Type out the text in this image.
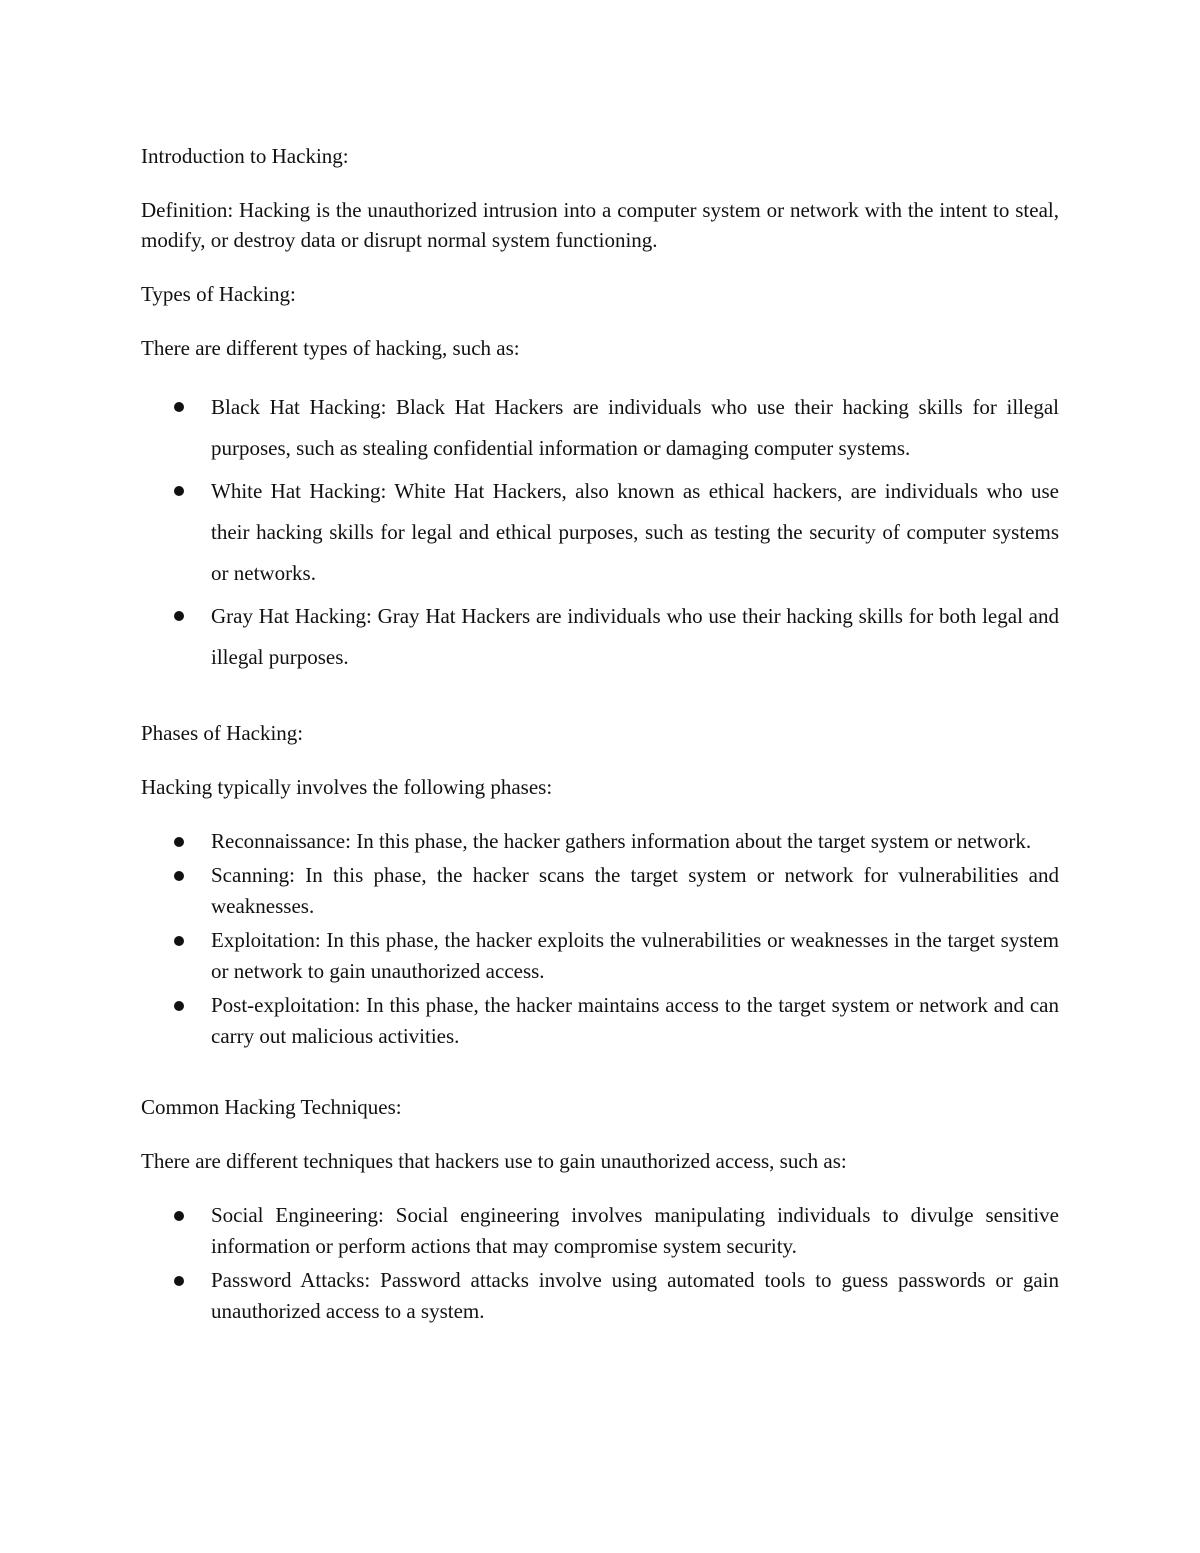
Introduction to Hacking:

Definition: Hacking is the unauthorized intrusion into a computer system or network with the intent to steal, modify, or destroy data or disrupt normal system functioning.

Types of Hacking:

There are different types of hacking, such as:

Black Hat Hacking: Black Hat Hackers are individuals who use their hacking skills for illegal purposes, such as stealing confidential information or damaging computer systems.
White Hat Hacking: White Hat Hackers, also known as ethical hackers, are individuals who use their hacking skills for legal and ethical purposes, such as testing the security of computer systems or networks.
Gray Hat Hacking: Gray Hat Hackers are individuals who use their hacking skills for both legal and illegal purposes.

Phases of Hacking:

Hacking typically involves the following phases:

Reconnaissance: In this phase, the hacker gathers information about the target system or network.
Scanning: In this phase, the hacker scans the target system or network for vulnerabilities and weaknesses.
Exploitation: In this phase, the hacker exploits the vulnerabilities or weaknesses in the target system or network to gain unauthorized access.
Post-exploitation: In this phase, the hacker maintains access to the target system or network and can carry out malicious activities.

Common Hacking Techniques:

There are different techniques that hackers use to gain unauthorized access, such as:

Social Engineering: Social engineering involves manipulating individuals to divulge sensitive information or perform actions that may compromise system security.
Password Attacks: Password attacks involve using automated tools to guess passwords or gain unauthorized access to a system.
